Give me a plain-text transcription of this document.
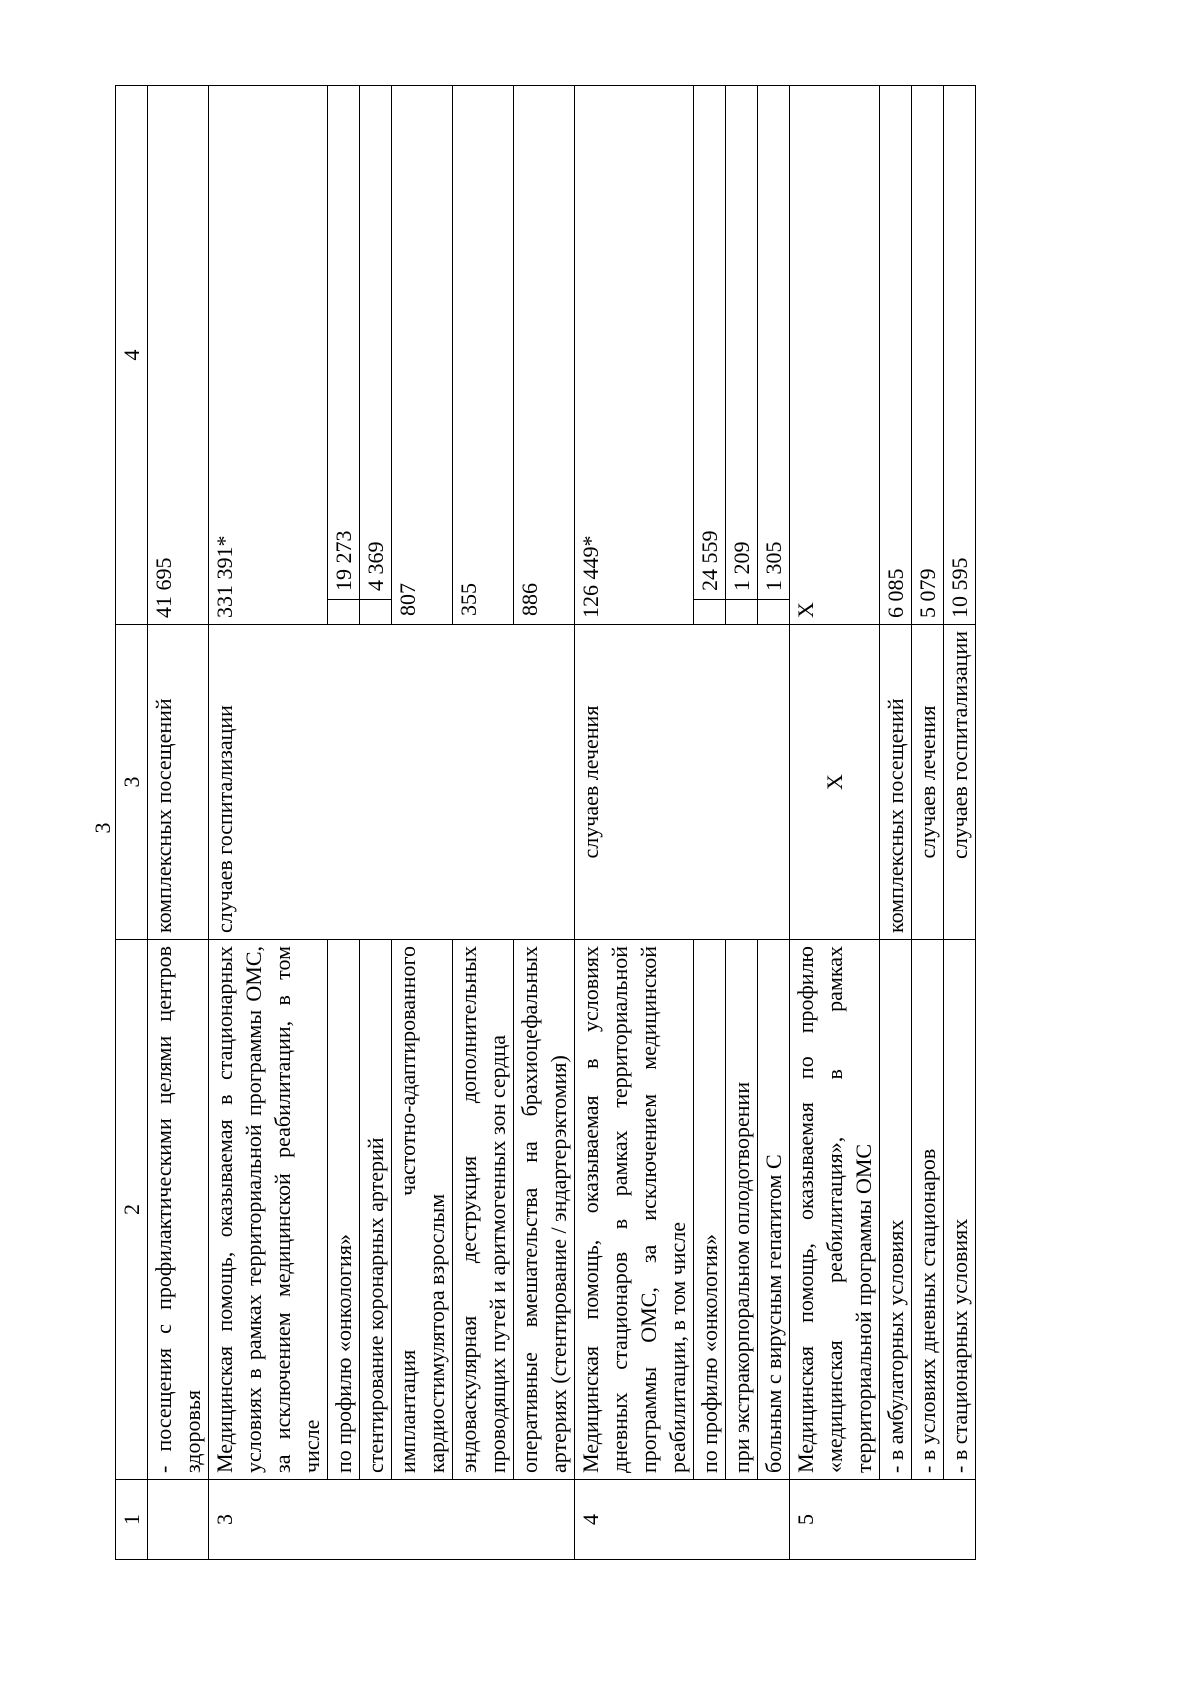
3
1	2	3	4	
	- посещения с профилактическими целями центров здоровья	комплексных посещений	41 695	
3	Медицинская помощь, оказываемая в стационарных условиях в рамках территориальной программы ОМС, за исключением медицинской реабилитации, в том числе	случаев госпитализации	331 391*	
	по профилю «онкология»			19 273
	стентирование коронарных артерий			4 369
	имплантация частотно-адаптированного кардиостимулятора взрослым		807	
	эндоваскулярная деструкция дополнительных проводящих путей и аритмогенных зон сердца		355	
	оперативные вмешательства на брахиоцефальных артериях (стентирование / эндартерэктомия)		886	
4	Медицинская помощь, оказываемая в условиях дневных стационаров в рамках территориальной программы ОМС, за исключением медицинской реабилитации, в том числе	случаев лечения	126 449*	
	по профилю «онкология»			24 559
	при экстракорпоральном оплодотворении			1 209
	больным с вирусным гепатитом С			1 305
5	Медицинская помощь, оказываемая по профилю «медицинская реабилитация», в рамках территориальной программы ОМС	Х	Х	
	- в амбулаторных условиях	комплексных посещений	6 085	
	- в условиях дневных стационаров	случаев лечения	5 079	
	- в стационарных условиях	случаев госпитализации	10 595	
